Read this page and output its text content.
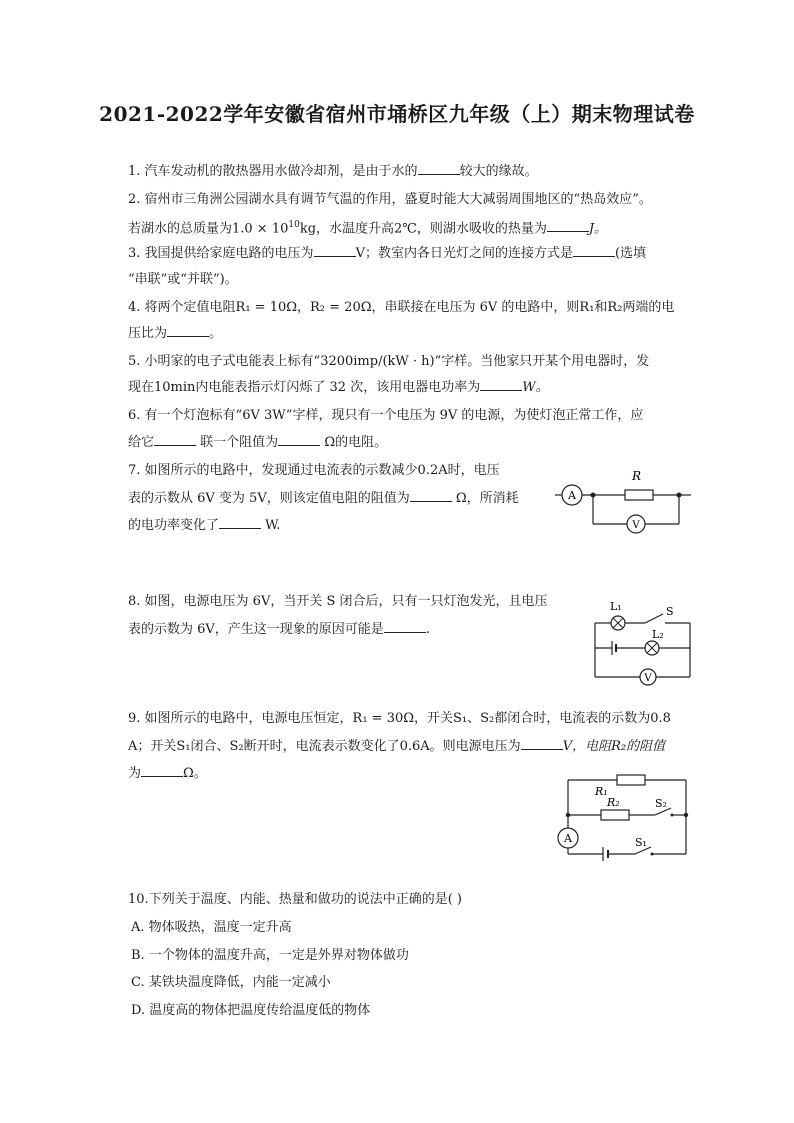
2021-2022学年安徽省宿州市埇桥区九年级（上）期末物理试卷
1. 汽车发动机的散热器用水做冷却剂，是由于水的	较大的缘故。
2. 宿州市三角洲公园湖水具有调节气温的作用，盛夏时能大大减弱周围地区的“热岛效应”。
若湖水的总质量为$1.0 \times 10^{10}kg$，水温度升高2℃，则湖水吸收的热量为	J。
3. 我国提供给家庭电路的电压为	V；教室内各日光灯之间的连接方式是	(选填
“串联”或“并联”)。
4. 将两个定值电阻R₁ = 10Ω，R₂ = 20Ω，串联接在电压为 6V 的电路中，则R₁和R₂两端的电
压比为	。
5. 小明家的电子式电能表上标有“3200imp/(kW · h)”字样。当他家只开某个用电器时，发
现在10min内电能表指示灯闪烁了 32 次，该用电器电功率为	W。
6. 有一个灯泡标有“6V 3W”字样，现只有一个电压为 9V 的电源，为使灯泡正常工作，应
给它	联一个阻值为	Ω的电阻。
7. 如图所示的电路中，发现通过电流表的示数减少0.2A时，电压
表的示数从 6V 变为 5V，则该定值电阻的阻值为	Ω，所消耗
的电功率变化了	W.
A
V
R
8. 如图，电源电压为 6V，当开关 S 闭合后，只有一只灯泡发光，且电压
表的示数为 6V，产生这一现象的原因可能是	.
V
L₁	S
L₂
9. 如图所示的电路中，电源电压恒定，R₁ = 30Ω，开关S₁、S₂都闭合时，电流表的示数为0.8
A；开关S₁闭合、S₂断开时，电流表示数变化了0.6A。则电源电压为	V，电阻R₂的阻值
为	Ω。
A
R₁
R₂	S₂
S₁
10.下列关于温度、内能、热量和做功的说法中正确的是( )
A. 物体吸热，温度一定升高
B. 一个物体的温度升高，一定是外界对物体做功
C. 某铁块温度降低，内能一定减小
D. 温度高的物体把温度传给温度低的物体
